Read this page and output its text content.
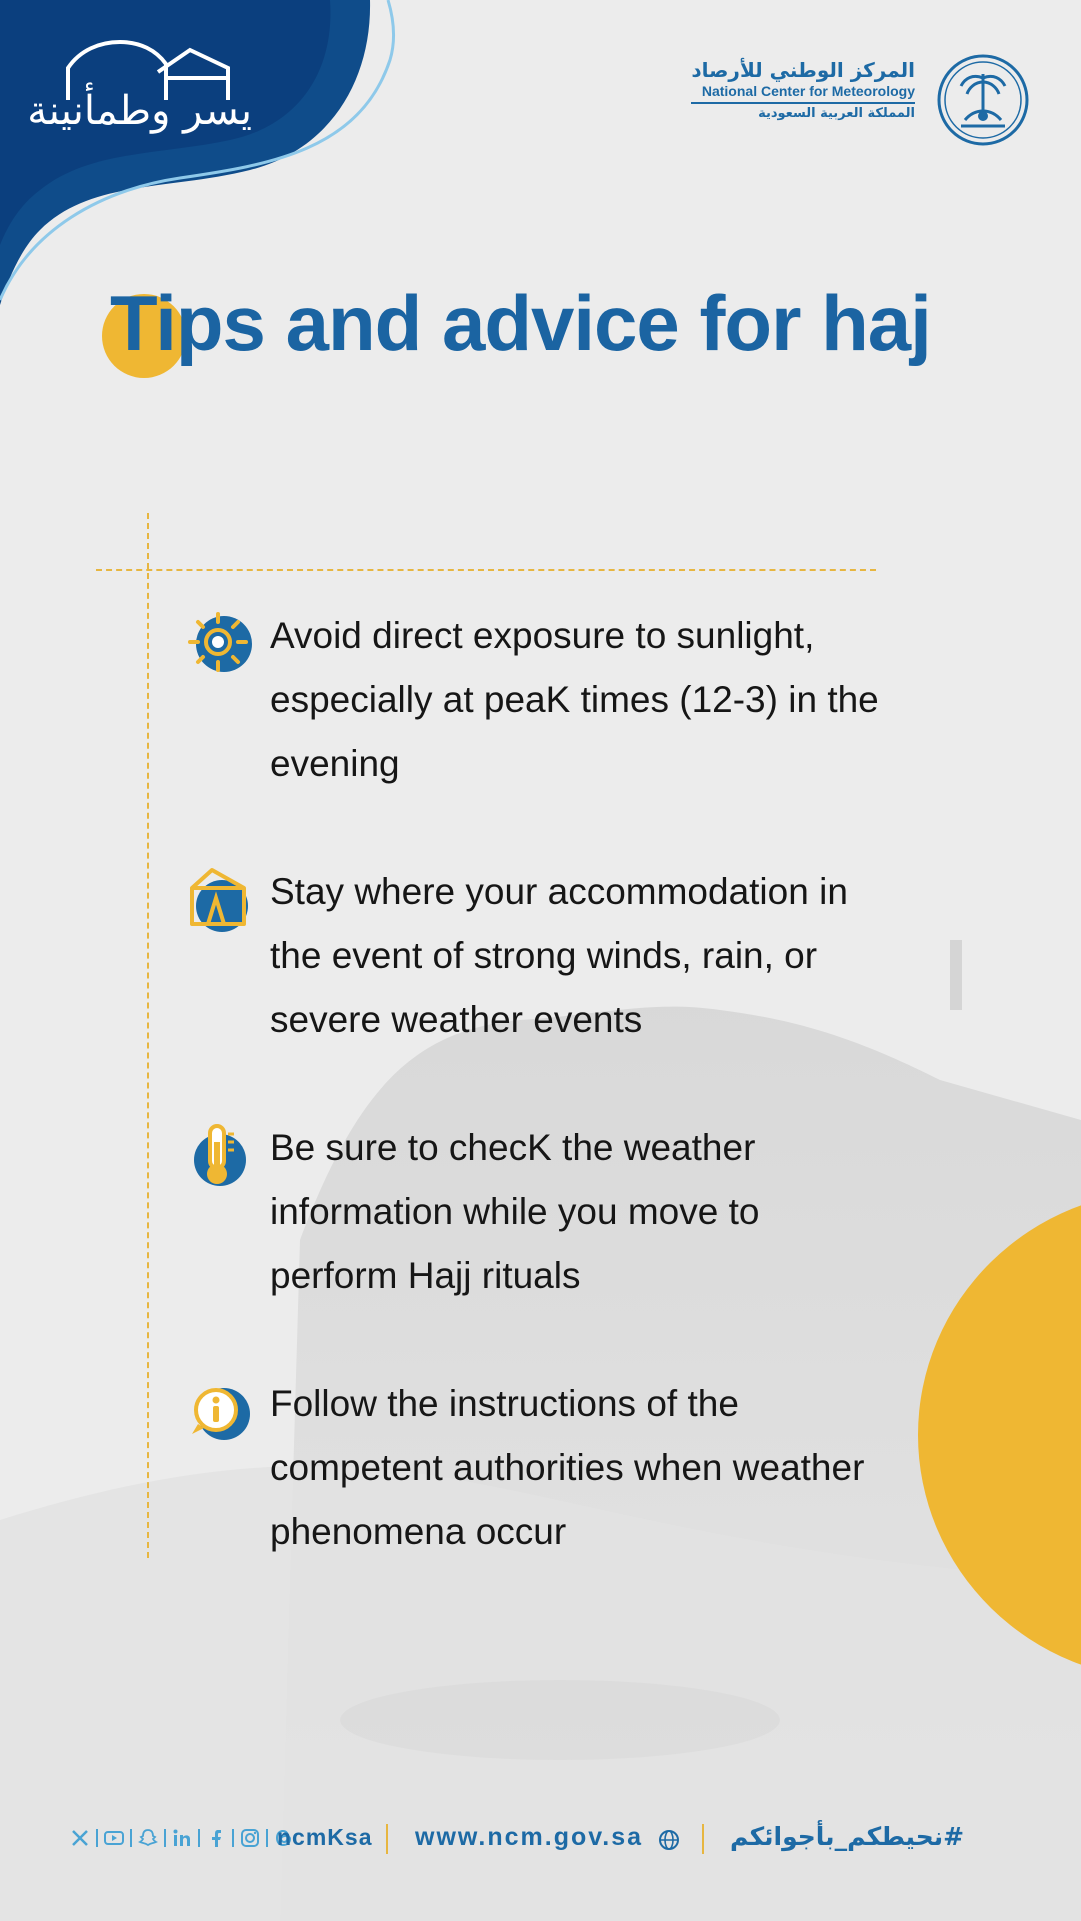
يسر وطمأنينة
المركز الوطني للأرصاد
National Center for Meteorology
المملكة العربية السعودية
Tips and advice for haj

Avoid direct exposure to sunlight, especially at peaK times (12-3) in the evening

Stay where your accommodation in the event of strong winds, rain, or severe weather events

Be sure to checK the weather information while you move to perform Hajj rituals

Follow the instructions of the competent authorities when weather phenomena occur

ncmKsa www.ncm.gov.sa	#نحيطكم_بأجوائكم
